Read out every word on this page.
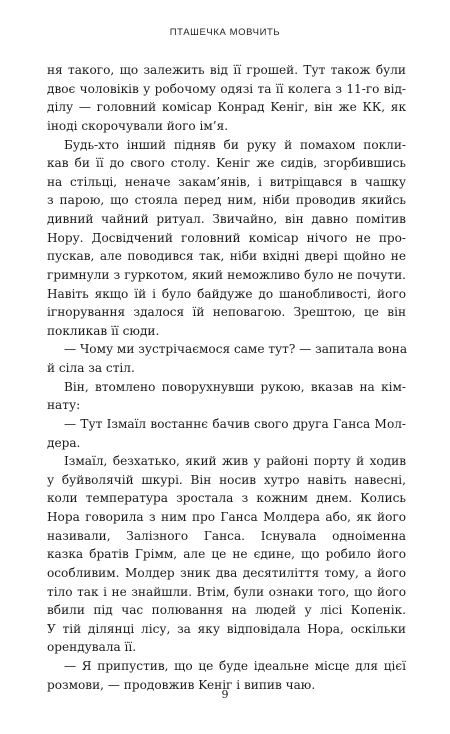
ПТАШЕЧКА МОВЧИТЬ
ня такого, що залежить від її грошей. Тут також були
двоє чоловіків у робочому одязі та її колега з 11-го від-
ділу — головний комісар Конрад Keніг, він же КК, як
іноді скорочували його ім’я.
Будь-хто інший підняв би руку й помахом покли-
кав би її до свого столу. Keніг же сидів, згорбившись
на стільці, неначе закам’янів, і витріщався в чашку
з парою, що стояла перед ним, ніби проводив якийсь
дивний чайний ритуал. Звичайно, він давно помітив
Нору. Досвідчений головний комісар нічого не про-
пускав, але поводився так, ніби вхідні двері щойно не
гримнули з гуркотом, який неможливо було не почути.
Навіть якщо їй і було байдуже до шанобливості, його
ігнорування здалося їй неповагою. Зрештою, це він
покликав її сюди.
— Чому ми зустрічаємося саме тут? — запитала вона
й сіла за стіл.
Він, втомлено поворухнувши рукою, вказав на кім-
нату:
— Тут Ізмаїл востаннє бачив свого друга Ганса Мол-
дера.
Ізмаїл, безхатько, який жив у районі порту й ходив
у буйволячій шкурі. Він носив хутро навіть навесні,
коли температура зростала з кожним днем. Колись
Нора говорила з ним про Ганса Молдера або, як його
називали, Залізного Ганса. Існувала одноіменна
казка братів Грімм, але це не єдине, що робило його
особливим. Молдер зник два десятиліття тому, а його
тіло так і не знайшли. Втім, були ознаки того, що його
вбили під час полювання на людей у лісі Копенік.
У тій ділянці лісу, за яку відповідала Нора, оскільки
орендувала її.
— Я припустив, що це буде ідеальне місце для цієї
розмови, — продовжив Keніг і випив чаю.
9
